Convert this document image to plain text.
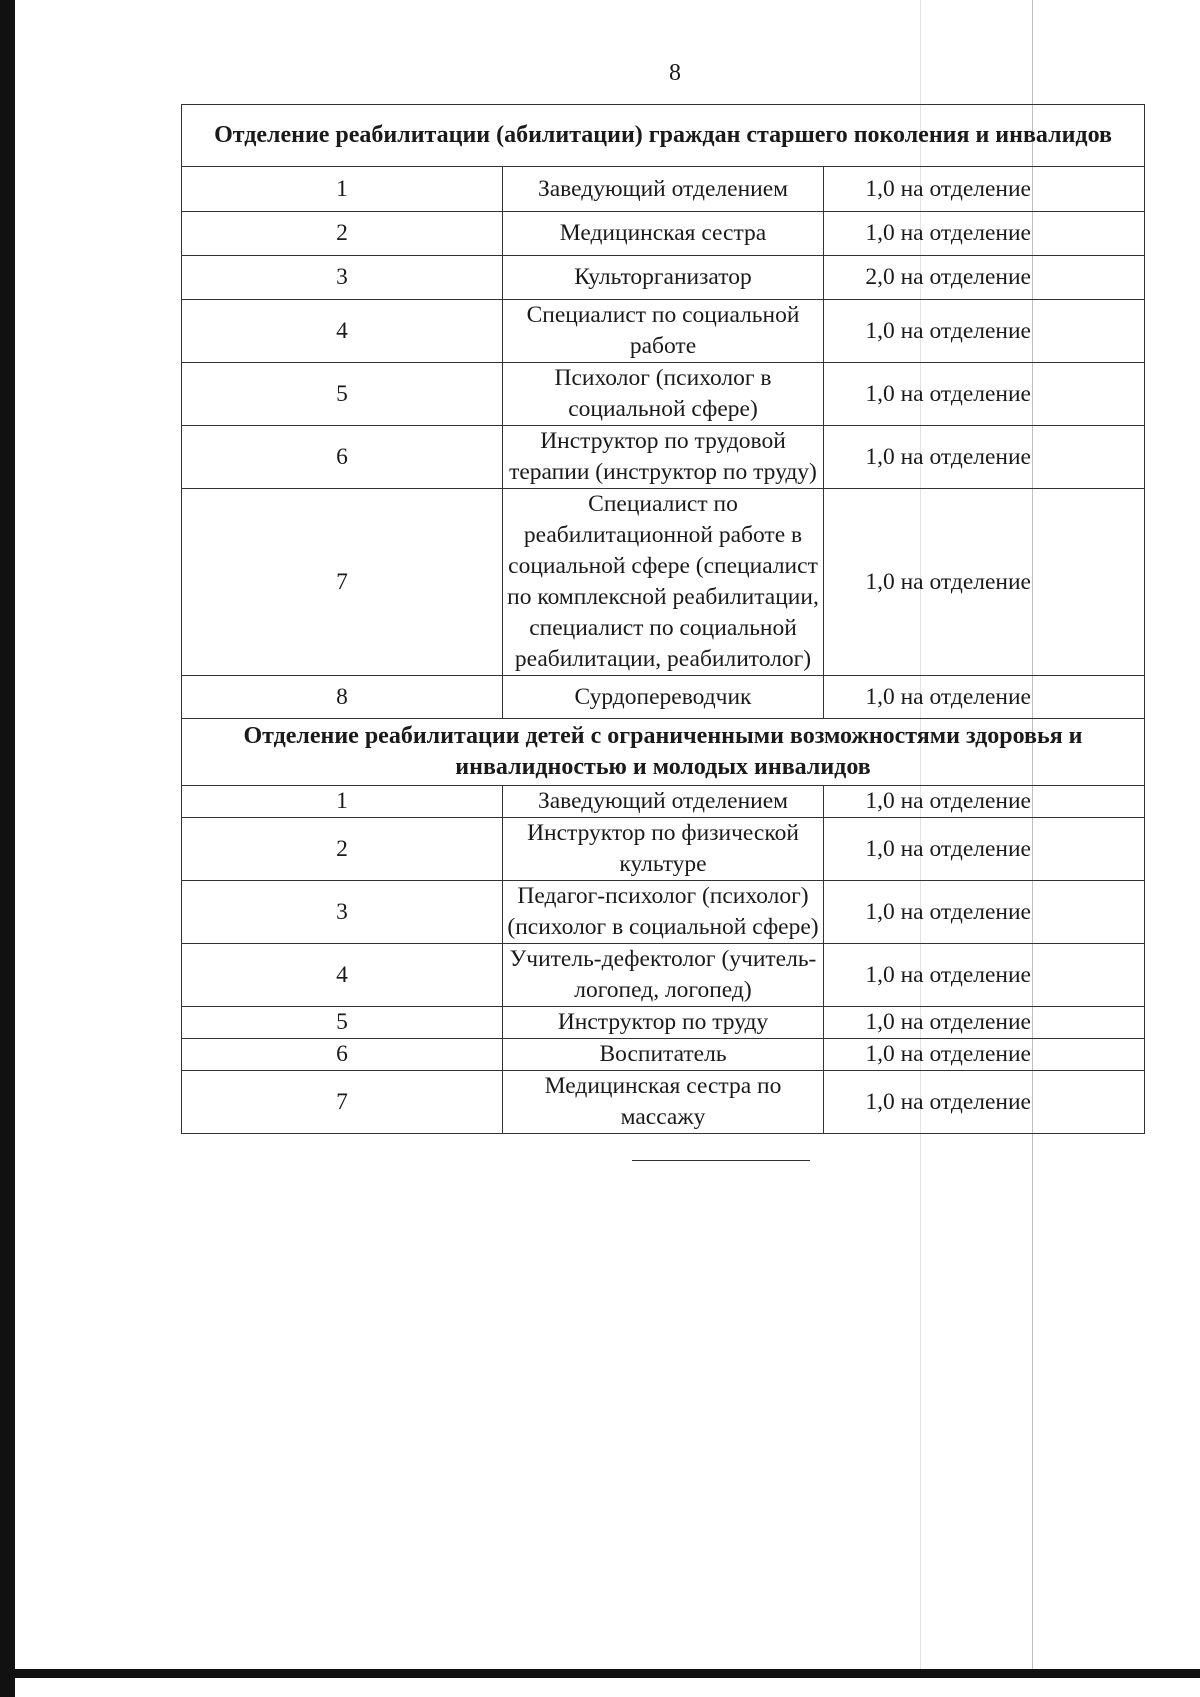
8
Отделение реабилитации (абилитации) граждан старшего поколения и инвалидов		
1	Заведующий отделением	1,0 на отделение
2	Медицинская сестра	1,0 на отделение
3	Культорганизатор	2,0 на отделение
4	Специалист по социальной работе	1,0 на отделение
5	Психолог (психолог в социальной сфере)	1,0 на отделение
6	Инструктор по трудовой терапии (инструктор по труду)	1,0 на отделение
7	Специалист по реабилитационной работе в социальной сфере (специалист по комплексной реабилитации, специалист по социальной реабилитации, реабилитолог)	1,0 на отделение
8	Сурдопереводчик	1,0 на отделение
Отделение реабилитации детей с ограниченными возможностями здоровья и инвалидностью и молодых инвалидов		
1	Заведующий отделением	1,0 на отделение
2	Инструктор по физической культуре	1,0 на отделение
3	Педагог-психолог (психолог) (психолог в социальной сфере)	1,0 на отделение
4	Учитель-дефектолог (учитель-логопед, логопед)	1,0 на отделение
5	Инструктор по труду	1,0 на отделение
6	Воспитатель	1,0 на отделение
7	Медицинская сестра по массажу	1,0 на отделение
